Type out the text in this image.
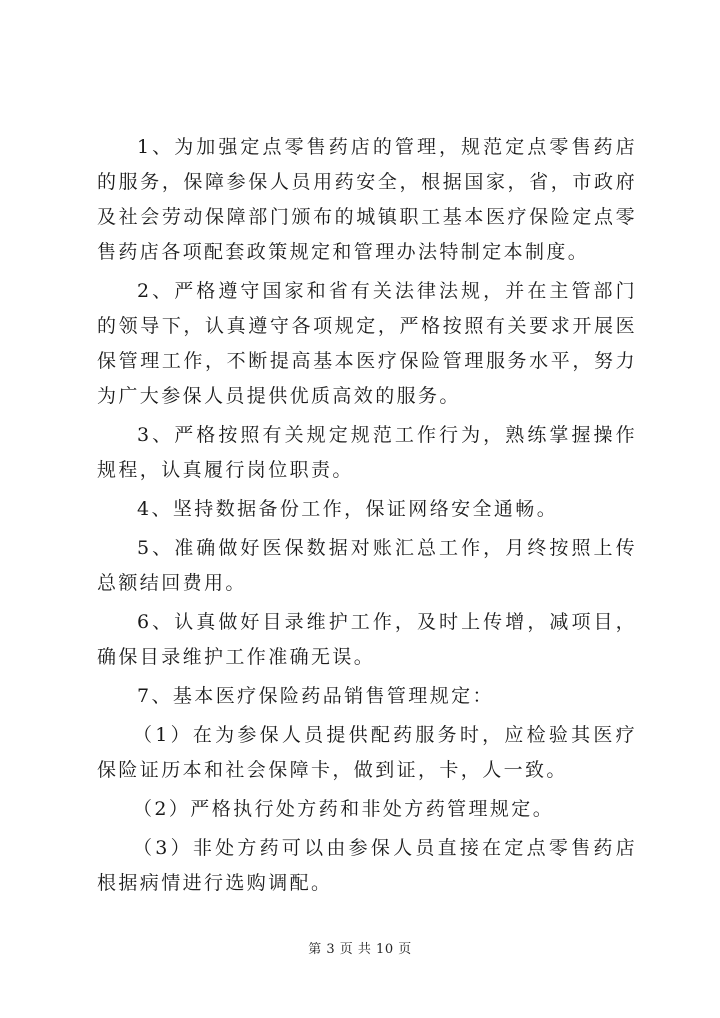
1、为加强定点零售药店的管理，规范定点零售药店的服务，保障参保人员用药安全，根据国家，省，市政府及社会劳动保障部门颁布的城镇职工基本医疗保险定点零售药店各项配套政策规定和管理办法特制定本制度。

2、严格遵守国家和省有关法律法规，并在主管部门的领导下，认真遵守各项规定，严格按照有关要求开展医保管理工作，不断提高基本医疗保险管理服务水平，努力为广大参保人员提供优质高效的服务。

3、严格按照有关规定规范工作行为，熟练掌握操作规程，认真履行岗位职责。

4、坚持数据备份工作，保证网络安全通畅。

5、准确做好医保数据对账汇总工作，月终按照上传总额结回费用。

6、认真做好目录维护工作，及时上传增，减项目，确保目录维护工作准确无误。

7、基本医疗保险药品销售管理规定：

（1）在为参保人员提供配药服务时，应检验其医疗保险证历本和社会保障卡，做到证，卡，人一致。

（2）严格执行处方药和非处方药管理规定。

（3）非处方药可以由参保人员直接在定点零售药店根据病情进行选购调配。

第 3 页 共 10 页
